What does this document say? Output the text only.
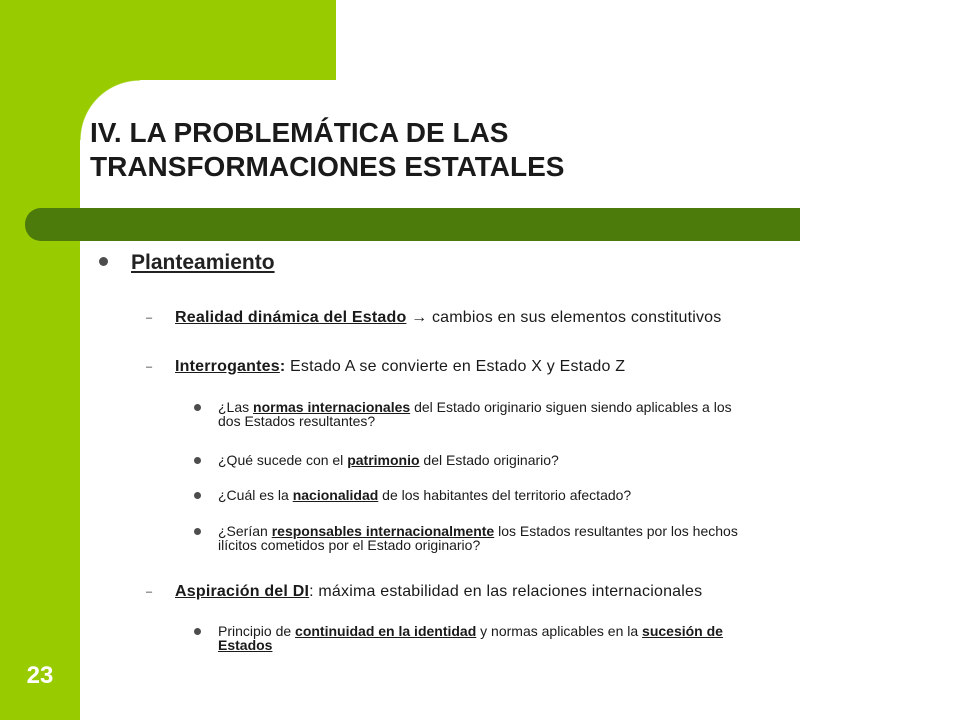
IV. LA PROBLEMÁTICA DE LAS
TRANSFORMACIONES ESTATALES
23
Planteamiento
– Realidad dinámica del Estado → cambios en sus elementos constitutivos
– Interrogantes: Estado A se convierte en Estado X y Estado Z
¿Las normas internacionales del Estado originario siguen siendo aplicables a los
dos Estados resultantes?
¿Qué sucede con el patrimonio del Estado originario?
¿Cuál es la nacionalidad de los habitantes del territorio afectado?
¿Serían responsables internacionalmente los Estados resultantes por los hechos
ilícitos cometidos por el Estado originario?
– Aspiración del DI: máxima estabilidad en las relaciones internacionales
Principio de continuidad en la identidad y normas aplicables en la sucesión de
Estados
